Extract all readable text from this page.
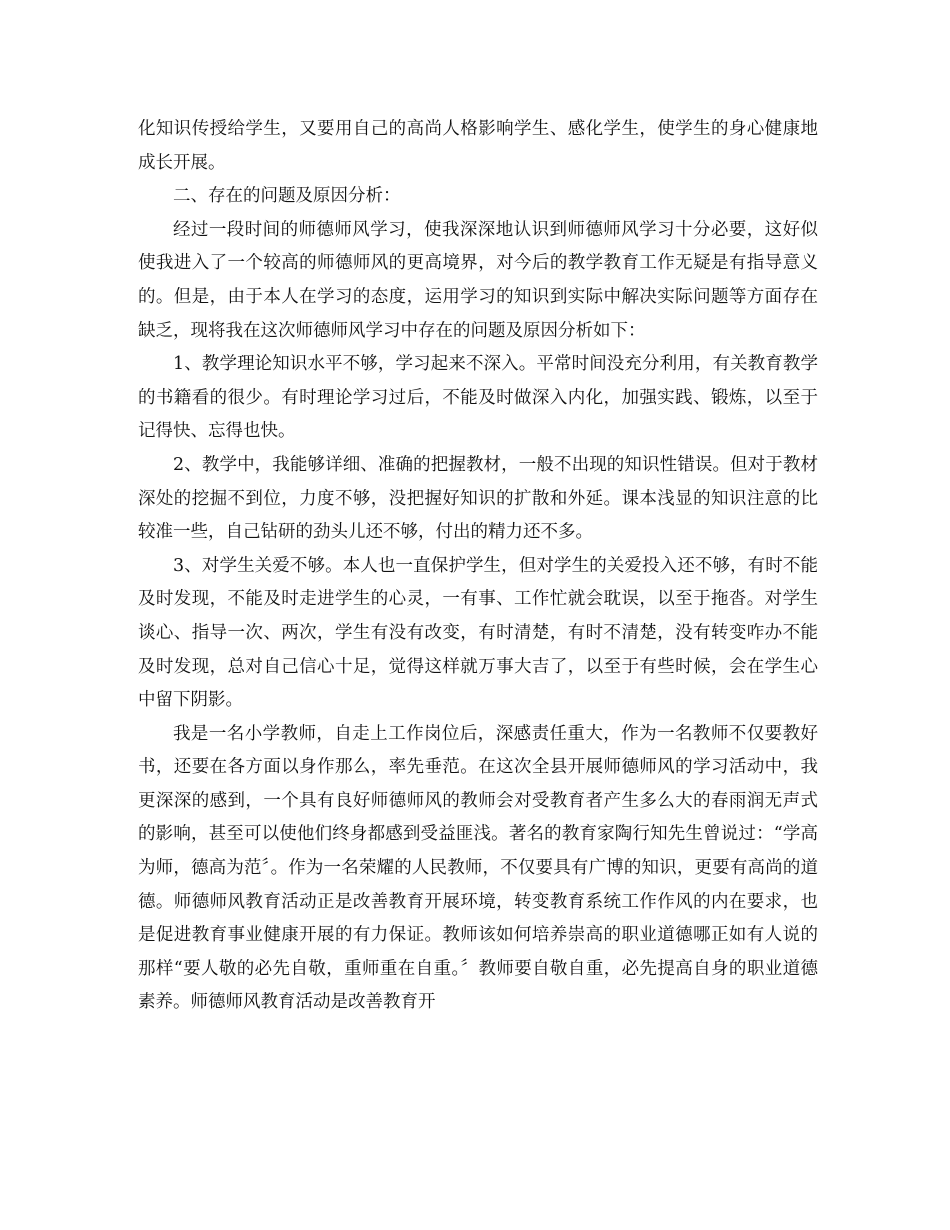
化知识传授给学生，又要用自己的高尚人格影响学生、感化学生，使学生的身心健康地成长开展。

二、存在的问题及原因分析：

经过一段时间的师德师风学习，使我深深地认识到师德师风学习十分必要，这好似使我进入了一个较高的师德师风的更高境界，对今后的教学教育工作无疑是有指导意义的。但是，由于本人在学习的态度，运用学习的知识到实际中解决实际问题等方面存在缺乏，现将我在这次师德师风学习中存在的问题及原因分析如下：

1、教学理论知识水平不够，学习起来不深入。平常时间没充分利用，有关教育教学的书籍看的很少。有时理论学习过后，不能及时做深入内化，加强实践、锻炼，以至于记得快、忘得也快。

2、教学中，我能够详细、准确的把握教材，一般不出现的知识性错误。但对于教材深处的挖掘不到位，力度不够，没把握好知识的扩散和外延。课本浅显的知识注意的比较准一些，自己钻研的劲头儿还不够，付出的精力还不多。

3、对学生关爱不够。本人也一直保护学生，但对学生的关爱投入还不够，有时不能及时发现，不能及时走进学生的心灵，一有事、工作忙就会耽误，以至于拖沓。对学生谈心、指导一次、两次，学生有没有改变，有时清楚，有时不清楚，没有转变咋办不能及时发现，总对自己信心十足，觉得这样就万事大吉了，以至于有些时候，会在学生心中留下阴影。

我是一名小学教师，自走上工作岗位后，深感责任重大，作为一名教师不仅要教好书，还要在各方面以身作那么，率先垂范。在这次全县开展师德师风的学习活动中，我更深深的感到，一个具有良好师德师风的教师会对受教育者产生多么大的春雨润无声式的影响，甚至可以使他们终身都感到受益匪浅。著名的教育家陶行知先生曾说过：“学高为师，德高为范〞。作为一名荣耀的人民教师，不仅要具有广博的知识，更要有高尚的道德。师德师风教育活动正是改善教育开展环境，转变教育系统工作作风的内在要求，也是促进教育事业健康开展的有力保证。教师该如何培养崇高的职业道德哪正如有人说的那样“要人敬的必先自敬，重师重在自重。〞教师要自敬自重，必先提高自身的职业道德素养。师德师风教育活动是改善教育开
